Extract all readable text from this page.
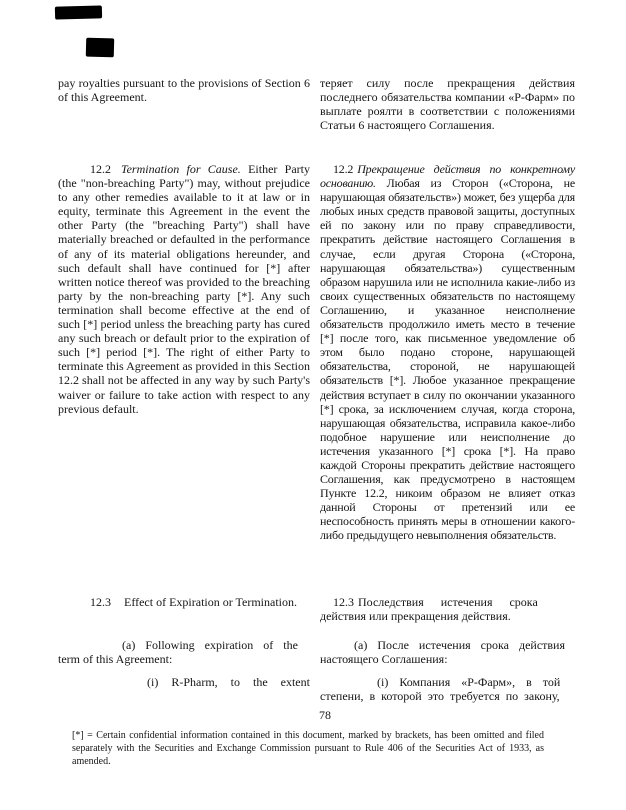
pay royalties pursuant to the provisions of Section 6 of this Agreement.

теряет силу после прекращения действия последнего обязательства компании «Р-Фарм» по выплате роялти в соответствии с положениями Статьи 6 настоящего Соглашения.

12.2 Termination for Cause. Either Party (the "non-breaching Party") may, without prejudice to any other remedies available to it at law or in equity, terminate this Agreement in the event the other Party (the "breaching Party") shall have materially breached or defaulted in the performance of any of its material obligations hereunder, and such default shall have continued for [*] after written notice thereof was provided to the breaching party by the non-breaching party [*]. Any such termination shall become effective at the end of such [*] period unless the breaching party has cured any such breach or default prior to the expiration of such [*] period [*]. The right of either Party to terminate this Agreement as provided in this Section 12.2 shall not be affected in any way by such Party's waiver or failure to take action with respect to any previous default.

12.2 Прекращение действия по конкретному основанию. Любая из Сторон («Сторона, не нарушающая обязательств») может, без ущерба для любых иных средств правовой защиты, доступных ей по закону или по праву справедливости, прекратить действие настоящего Соглашения в случае, если другая Сторона («Сторона, нарушающая обязательства») существенным образом нарушила или не исполнила какие-либо из своих существенных обязательств по настоящему Соглашению, и указанное неисполнение обязательств продолжило иметь место в течение [*] после того, как письменное уведомление об этом было подано стороне, нарушающей обязательства, стороной, не нарушающей обязательств [*]. Любое указанное прекращение действия вступает в силу по окончании указанного [*] срока, за исключением случая, когда сторона, нарушающая обязательства, исправила какое-либо подобное нарушение или неисполнение до истечения указанного [*] срока [*]. На право каждой Стороны прекратить действие настоящего Соглашения, как предусмотрено в настоящем Пункте 12.2, никоим образом не влияет отказ данной Стороны от претензий или ее неспособность принять меры в отношении какого-либо предыдущего невыполнения обязательств.

12.3 Effect of Expiration or Termination.	12.3 Последствия истечения срока
действия или прекращения действия.

(a) Following expiration of the
term of this Agreement:

(a) После истечения срока действия
настоящего Соглашения:

(i) R-Pharm, to the extent	(i) Компания «Р-Фарм», в той
степени, в которой это требуется по закону,

78

[*] = Certain confidential information contained in this document, marked by brackets, has been omitted and filed separately with the Securities and Exchange Commission pursuant to Rule 406 of the Securities Act of 1933, as amended.
